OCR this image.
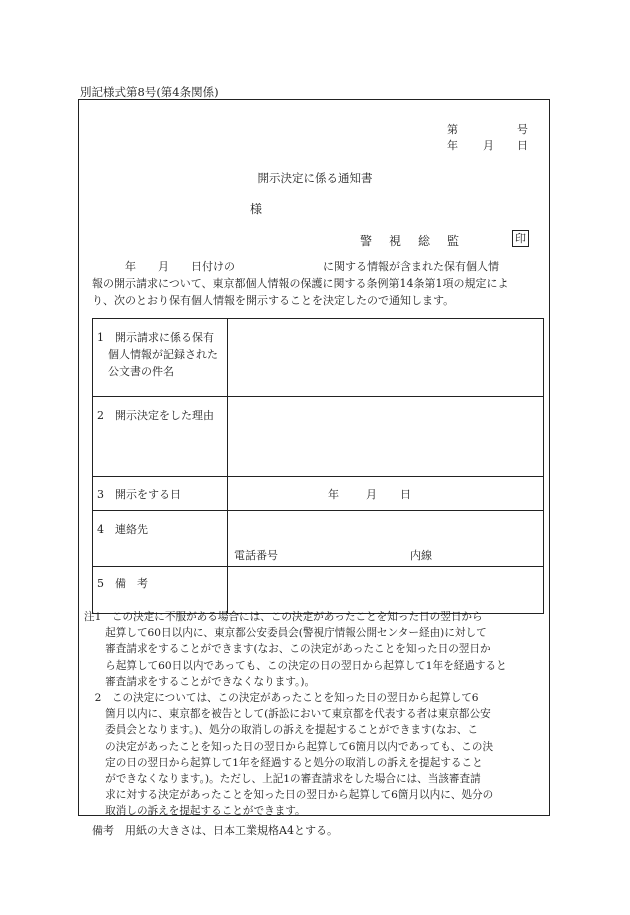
別記様式第8号(第4条関係)
第	号
年 月 日
開示決定に係る通知書
様
警視総監	印
　　　年　　月　　日付けの　　　　　　　　に関する情報が含まれた保有個人情
報の開示請求について、東京都個人情報の保護に関する条例第14条第1項の規定によ
り、次のとおり保有個人情報を開示することを決定したので通知します。
1　開示請求に係る保有
　個人情報が記録された
　公文書の件名	

2　開示決定をした理由	
3　開示をする日	年 月 日

4　連絡先	電話番号 内線

5　備　考	
注1　この決定に不服がある場合には、この決定があったことを知った日の翌日から
　　起算して60日以内に、東京都公安委員会(警視庁情報公開センター経由)に対して
　　審査請求をすることができます(なお、この決定があったことを知った日の翌日か
　　ら起算して60日以内であっても、この決定の日の翌日から起算して1年を経過すると
　　審査請求をすることができなくなります。)。
　2　この決定については、この決定があったことを知った日の翌日から起算して6
　　箇月以内に、東京都を被告として(訴訟において東京都を代表する者は東京都公安
　　委員会となります。)、処分の取消しの訴えを提起することができます(なお、こ
　　の決定があったことを知った日の翌日から起算して6箇月以内であっても、この決
　　定の日の翌日から起算して1年を経過すると処分の取消しの訴えを提起すること
　　ができなくなります。)。ただし、上記1の審査請求をした場合には、当該審査請
　　求に対する決定があったことを知った日の翌日から起算して6箇月以内に、処分の
　　取消しの訴えを提起することができます。
備考　用紙の大きさは、日本工業規格A4とする。
